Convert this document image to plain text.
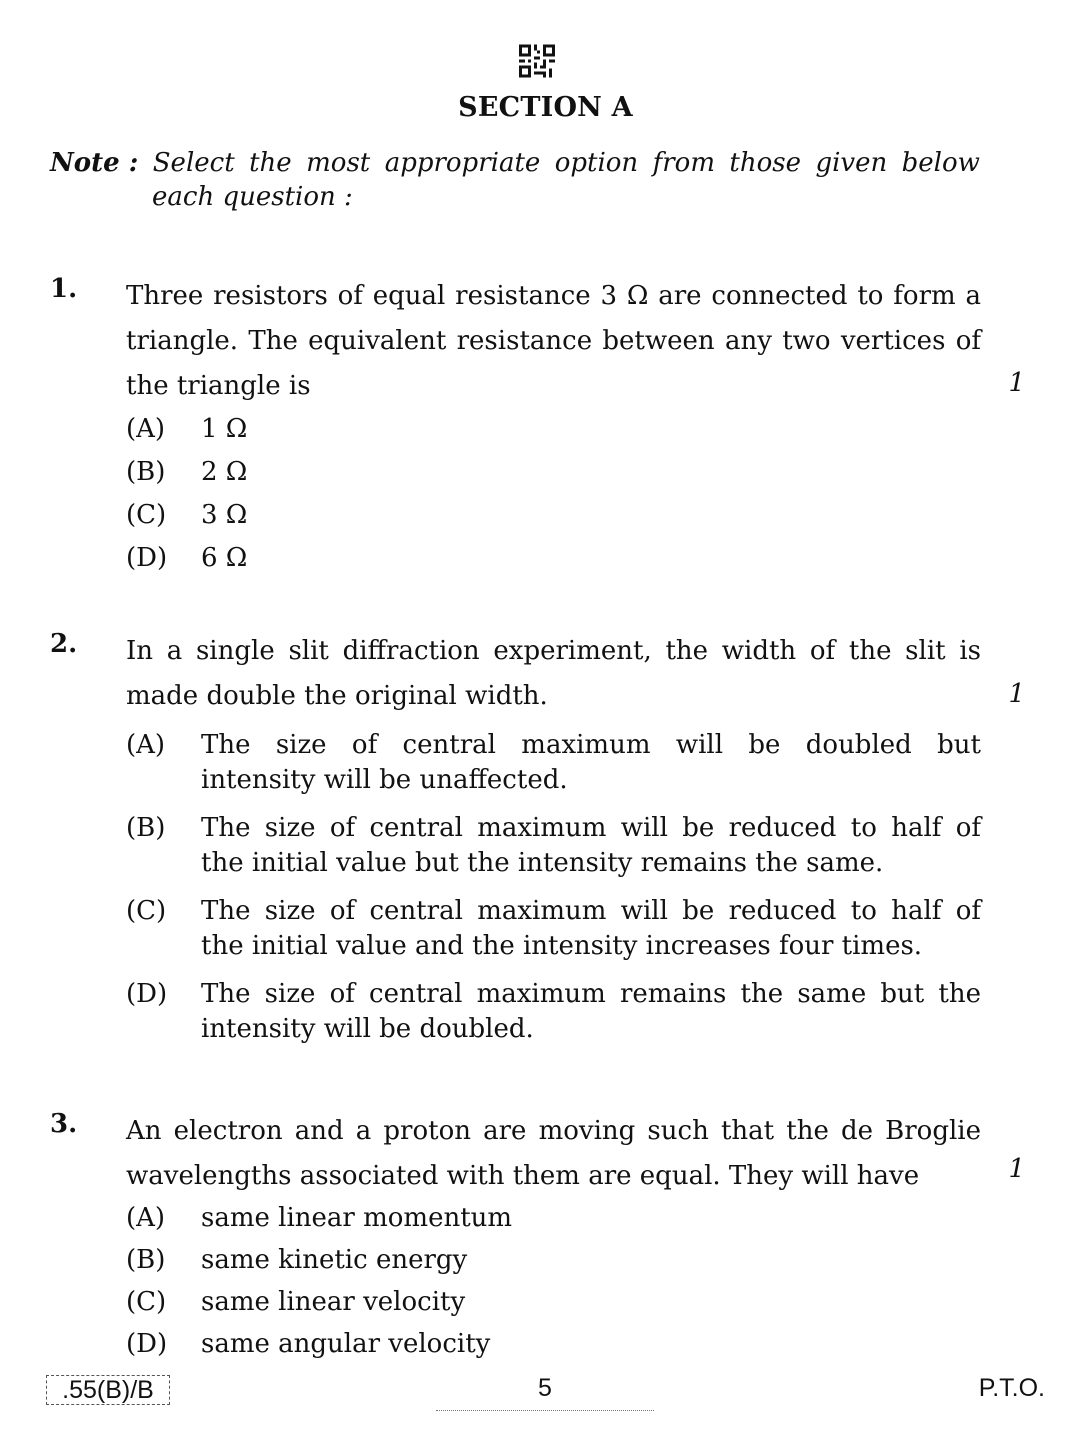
SECTION A
Note : Select the most appropriate option from those given below
each question :
1. Three resistors of equal resistance 3 Ω are connected to form a
triangle. The equivalent resistance between any two vertices of
the triangle is	1
(A) 1 Ω
(B) 2 Ω
(C) 3 Ω
(D) 6 Ω
2. In a single slit diffraction experiment, the width of the slit is
made double the original width.	1
(A) The size of central maximum will be doubled but
intensity will be unaffected.
(B) The size of central maximum will be reduced to half of
the initial value but the intensity remains the same.
(C) The size of central maximum will be reduced to half of
the initial value and the intensity increases four times.
(D) The size of central maximum remains the same but the
intensity will be doubled.
3. An electron and a proton are moving such that the de Broglie
wavelengths associated with them are equal. They will have	1
(A) same linear momentum
(B) same kinetic energy
(C) same linear velocity
(D) same angular velocity
.55(B)/B	5	P.T.O.
